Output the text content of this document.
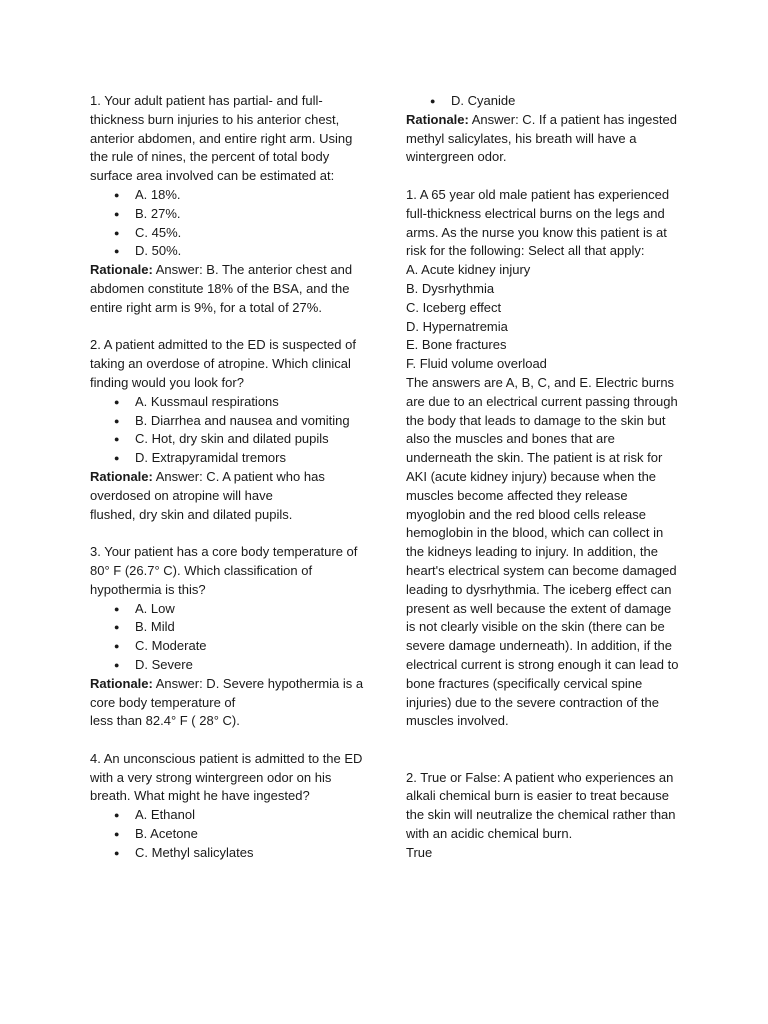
1. Your adult patient has partial- and full-thickness burn injuries to his anterior chest, anterior abdomen, and entire right arm. Using the rule of nines, the percent of total body surface area involved can be estimated at:

● A. 18%.
● B. 27%.
● C. 45%.
● D. 50%.

Rationale: Answer: B. The anterior chest and abdomen constitute 18% of the BSA, and the entire right arm is 9%, for a total of 27%.

2. A patient admitted to the ED is suspected of taking an overdose of atropine. Which clinical finding would you look for?

● A. Kussmaul respirations
● B. Diarrhea and nausea and vomiting
● C. Hot, dry skin and dilated pupils
● D. Extrapyramidal tremors

Rationale: Answer: C. A patient who has overdosed on atropine will have
flushed, dry skin and dilated pupils.

3. Your patient has a core body temperature of 80° F (26.7° C). Which classification of hypothermia is this?

● A. Low
● B. Mild
● C. Moderate
● D. Severe

Rationale: Answer: D. Severe hypothermia is a core body temperature of
less than 82.4° F ( 28° C).

4. An unconscious patient is admitted to the ED with a very strong wintergreen odor on his breath. What might he have ingested?

● A. Ethanol
● B. Acetone
● C. Methyl salicylates
● D. Cyanide

Rationale: Answer: C. If a patient has ingested methyl salicylates, his breath will have a wintergreen odor.

1. A 65 year old male patient has experienced full-thickness electrical burns on the legs and arms. As the nurse you know this patient is at risk for the following: Select all that apply:

A. Acute kidney injury
B. Dysrhythmia
C. Iceberg effect
D. Hypernatremia
E. Bone fractures
F. Fluid volume overload

The answers are A, B, C, and E. Electric burns are due to an electrical current passing through the body that leads to damage to the skin but also the muscles and bones that are underneath the skin. The patient is at risk for AKI (acute kidney injury) because when the muscles become affected they release myoglobin and the red blood cells release hemoglobin in the blood, which can collect in the kidneys leading to injury. In addition, the heart's electrical system can become damaged leading to dysrhythmia. The iceberg effect can present as well because the extent of damage is not clearly visible on the skin (there can be severe damage underneath). In addition, if the electrical current is strong enough it can lead to bone fractures (specifically cervical spine injuries) due to the severe contraction of the muscles involved.

2. True or False: A patient who experiences an alkali chemical burn is easier to treat because the skin will neutralize the chemical rather than with an acidic chemical burn.

True
